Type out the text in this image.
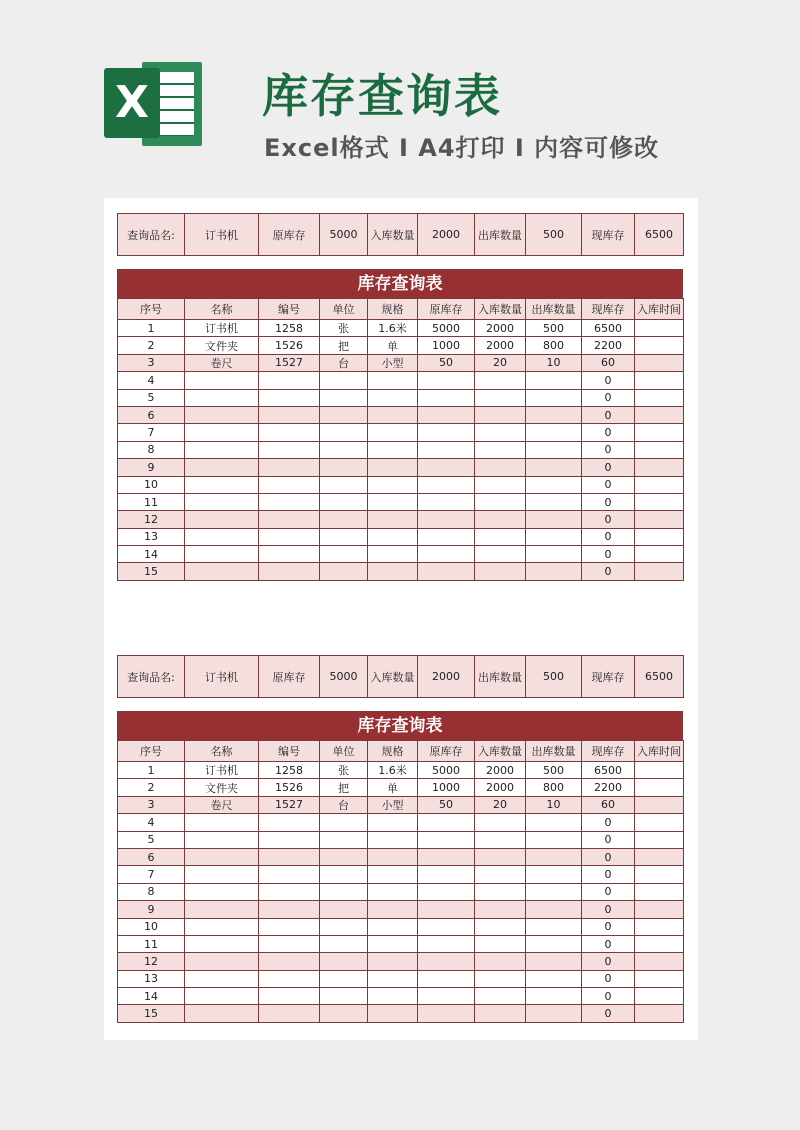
X 库存查询表
Excel格式 I A4打印 I 内容可修改
查询品名:	订书机	原库存	5000	入库数量	2000	出库数量	500	现库存	6500
库存查询表
序号	名称	编号	单位	规格	原库存	入库数量	出库数量	现库存	入库时间
1	订书机	1258	张	1.6米	5000	2000	500	6500	
2	文件夹	1526	把	单	1000	2000	800	2200	
3	卷尺	1527	台	小型	50	20	10	60	
4								0	
5								0	
6								0	
7								0	
8								0	
9								0	
10								0	
11								0	
12								0	
13								0	
14								0	
15								0	
查询品名:	订书机	原库存	5000	入库数量	2000	出库数量	500	现库存	6500
库存查询表
序号	名称	编号	单位	规格	原库存	入库数量	出库数量	现库存	入库时间
1	订书机	1258	张	1.6米	5000	2000	500	6500	
2	文件夹	1526	把	单	1000	2000	800	2200	
3	卷尺	1527	台	小型	50	20	10	60	
4								0	
5								0	
6								0	
7								0	
8								0	
9								0	
10								0	
11								0	
12								0	
13								0	
14								0	
15								0	
